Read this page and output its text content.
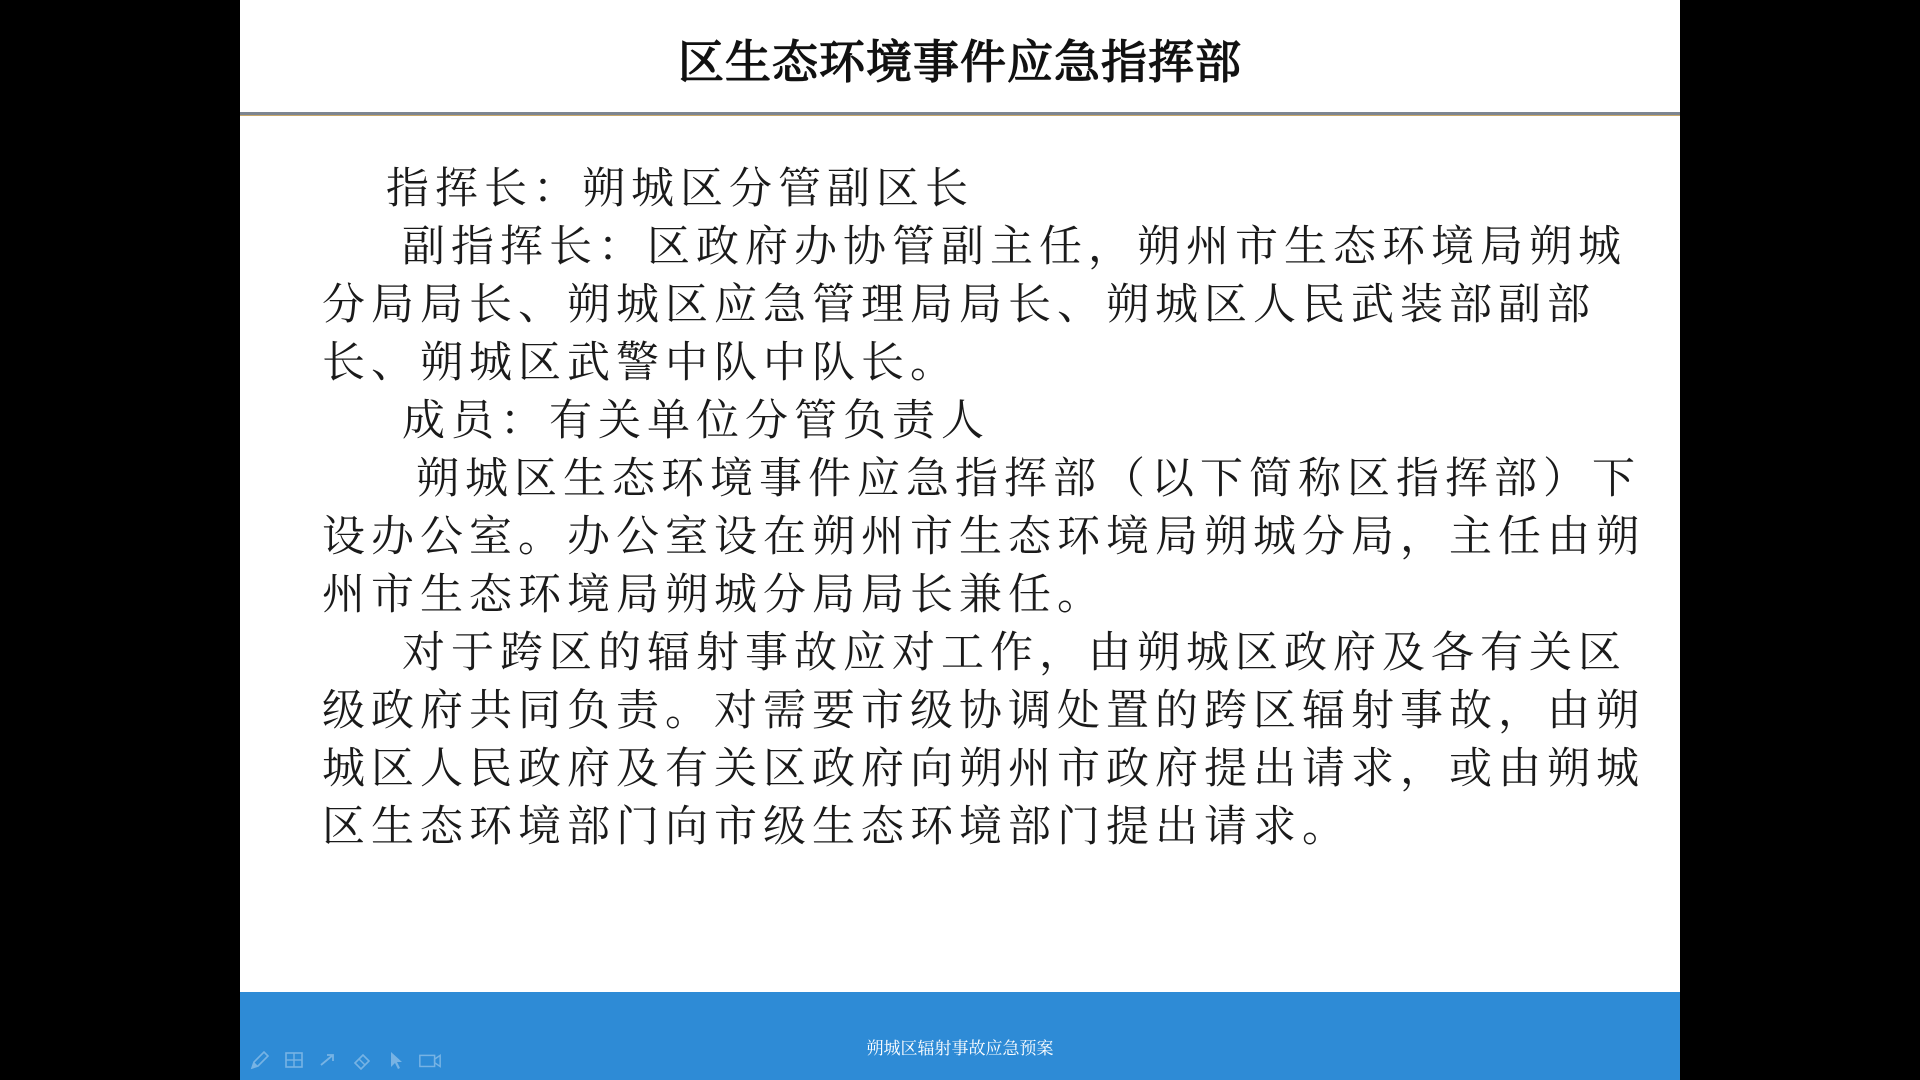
区生态环境事件应急指挥部

指挥长：朔城区分管副区长

副指挥长：区政府办协管副主任，朔州市生态环境局朔城分局局长、朔城区应急管理局局长、朔城区人民武装部副部长、朔城区武警中队中队长。

成员：有关单位分管负责人

朔城区生态环境事件应急指挥部（以下简称区指挥部）下设办公室。办公室设在朔州市生态环境局朔城分局，主任由朔州市生态环境局朔城分局局长兼任。

对于跨区的辐射事故应对工作，由朔城区政府及各有关区级政府共同负责。对需要市级协调处置的跨区辐射事故，由朔城区人民政府及有关区政府向朔州市政府提出请求，或由朔城区生态环境部门向市级生态环境部门提出请求。

朔城区辐射事故应急预案
